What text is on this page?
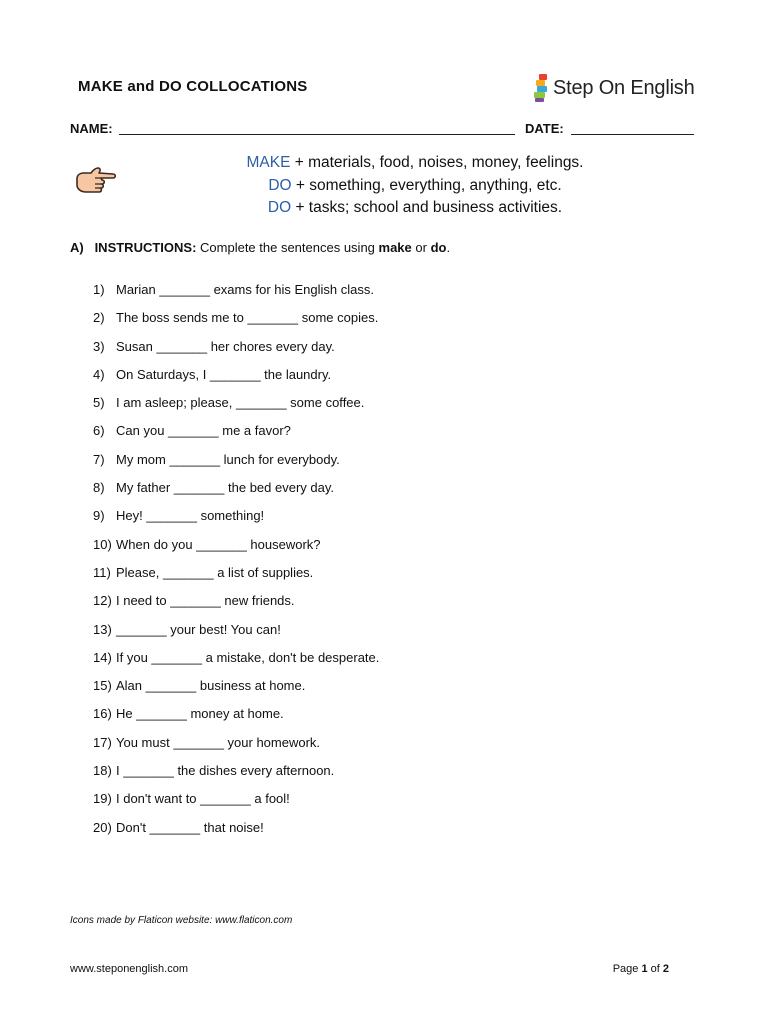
MAKE and DO COLLOCATIONS	Step On English
NAME:	DATE:
MAKE + materials, food, noises, money, feelings.
DO + something, everything, anything, etc.
DO + tasks; school and business activities.
A) INSTRUCTIONS: Complete the sentences using make or do.
1) Marian _______ exams for his English class.
2) The boss sends me to _______ some copies.
3) Susan _______ her chores every day.
4) On Saturdays, I _______ the laundry.
5) I am asleep; please, _______ some coffee.
6) Can you _______ me a favor?
7) My mom _______ lunch for everybody.
8) My father _______ the bed every day.
9) Hey! _______ something!
10) When do you _______ housework?
11) Please, _______ a list of supplies.
12) I need to _______ new friends.
13) _______ your best! You can!
14) If you _______ a mistake, don't be desperate.
15) Alan _______ business at home.
16) He _______ money at home.
17) You must _______ your homework.
18) I _______ the dishes every afternoon.
19) I don't want to _______ a fool!
20) Don't _______ that noise!
Icons made by Flaticon website: www.flaticon.com
www.steponenglish.com	Page 1 of 2
